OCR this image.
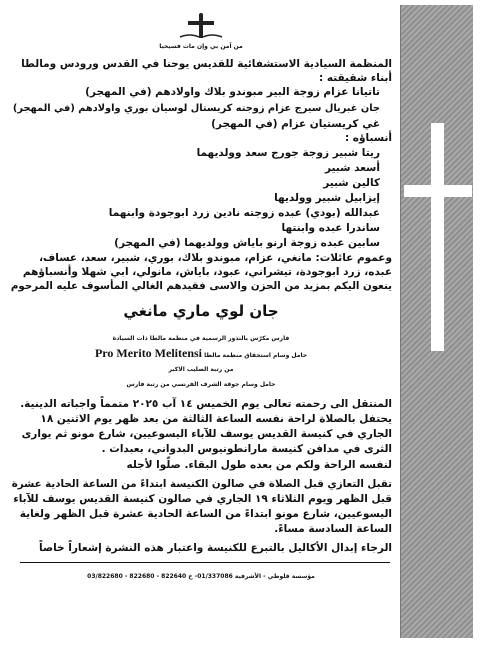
من آمن بي وإن مات فسيحيا
المنظمة السيادية الاستشفائية للقديس يوحنا في القدس ورودس ومالطا
أبناء شقيقته :
تاتيانا عزام زوجة البير مبوندو بلاك واولادهم (في المهجر)
جان غبريال سيرج عزام زوجته كريستال لوسيان بوري واولادهم (في المهجر)
غي كريستيان عزام (في المهجر)
أنسباؤه :
ريتا شبير زوجة جورج سعد وولديهما
أسعد شبير
كالين شبير
إيزابيل شبير وولديها
عبدالله (بودي) عبده زوجته نادين زرد ابوجودة وابنهما
ساندرا عبده وابنتها
سابين عبده زوجة ارنو باياش وولديهما (في المهجر)
وعموم عائلات: مانغي، عزام، مبوندو بلاك، بوري، شبير، سعد، عساف،
عبده، زرد ابوجودة، تيشراني، عبود، باياش، مانولي، ابي شهلا وأنسباؤهم
ينعون اليكم بمزيد من الحزن والاسى فقيدهم الغالي المأسوف عليه المرحوم
جان لوي ماري مانغي
فارس مكرّس بالنذور الرسمية في منظمة مالطا ذات السيادة
حامل وسام استحقاق منظمة مالطا Pro Merito Melitensi
من رتبة الصليب الاكبر
حامل وسام جوقة الشرف الفرنسي من رتبة فارس
المنتقل الى رحمته تعالى يوم الخميس ١٤ آب ٢٠٢٥ متمماً واجباته الدينية.
يحتفل بالصلاة لراحة نفسه الساعة الثالثة من بعد ظهر يوم الاثنين ١٨
الجاري في كنيسة القديس يوسف للآباء اليسوعيين، شارع مونو ثم يوارى
الثرى في مدافن كنيسة مارانطونيوس البدواني، بعبدات .
لنفسه الراحة ولكم من بعده طول البقاء. صلّوا لأجله
تقبل التعازي قبل الصلاة في صالون الكنيسة ابتداءً من الساعة الحادية عشرة
قبل الظهر ويوم الثلاثاء ١٩ الجاري في صالون كنيسة القديس يوسف للآباء
اليسوعيين، شارع مونو ابتداءً من الساعة الحادية عشرة قبل الظهر ولغاية
الساعة السادسة مساءً.
الرجاء إبدال الأكاليل بالتبرع للكنيسة واعتبار هذه النشرة إشعاراً خاصاً
مؤسسة فلوطي - الأشرفية 01/337086- خ 822640 - 822680 - 03/822680
